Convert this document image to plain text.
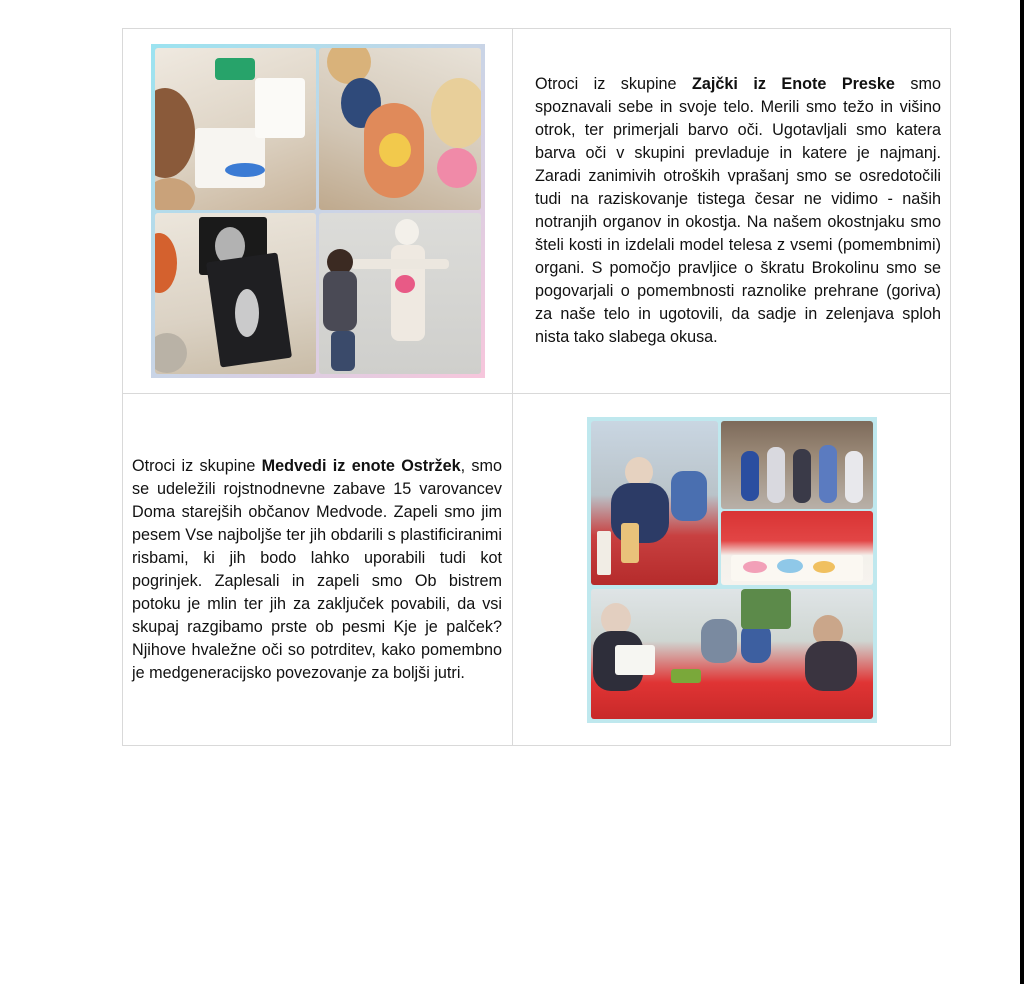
	Otroci iz skupine Zajčki iz Enote Preske smo spoznavali sebe in svoje telo. Merili smo težo in višino otrok, ter primerjali barvo oči. Ugotavljali smo katera barva oči v skupini prevladuje in katere je najmanj. Zaradi zanimivih otroških vprašanj smo se osredotočili tudi na raziskovanje tistega česar ne vidimo - naših notranjih organov in okostja. Na našem okostnjaku smo šteli kosti in izdelali model telesa z vsemi (pomembnimi) organi. S pomočjo pravljice o škratu Brokolinu smo se pogovarjali o pomembnosti raznolike prehrane (goriva) za naše telo in ugotovili, da sadje in zelenjava sploh nista tako slabega okusa.
Otroci iz skupine Medvedi iz enote Ostržek, smo se udeležili rojstnodnevne zabave 15 varovancev Doma starejših občanov Medvode. Zapeli smo jim pesem Vse najboljše ter jih obdarili s plastificiranimi risbami, ki jih bodo lahko uporabili tudi kot pogrinjek. Zaplesali in zapeli smo Ob bistrem potoku je mlin ter jih za zaključek povabili, da vsi skupaj razgibamo prste ob pesmi Kje je palček? Njihove hvaležne oči so potrditev, kako pomembno je medgeneracijsko povezovanje za boljši jutri.	
